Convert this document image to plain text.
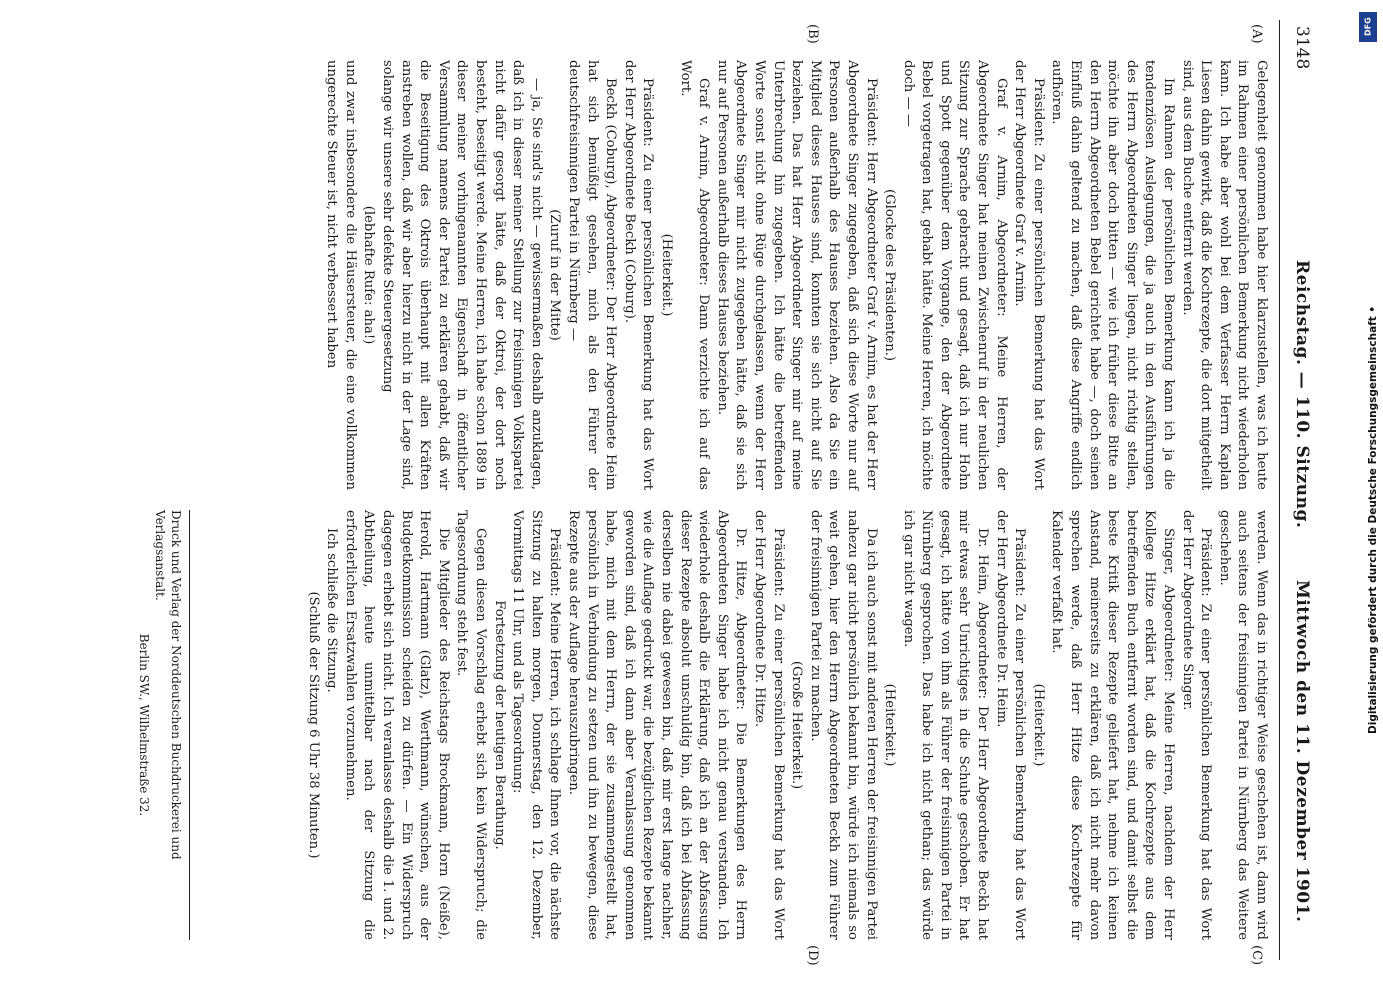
DFG
Digitalisierung gefördert durch die Deutsche Forschungsgemeinschaft •
3148
Reichstag. — 110. Sitzung.
Mittwoch den 11. Dezember 1901.
(A)
(B)
(C)
(D)

Gelegenheit genommen habe hier klarzustellen, was ich heute im Rahmen einer persönlichen Bemerkung nicht wiederholen kann. Ich habe aber wohl bei dem Verfasser Herrn Kaplan Liesen dahin gewirkt, daß die Kochrezepte, die dort mitgetheilt sind, aus dem Buche entfernt werden.

Im Rahmen der persönlichen Bemerkung kann ich ja die tendenziösen Auslegungen, die ja auch in den Ausführungen des Herrn Abgeordneten Singer liegen, nicht richtig stellen, möchte ihn aber doch bitten — wie ich früher diese Bitte an den Herrn Abgeordneten Bebel gerichtet habe —, doch seinen Einfluß dahin geltend zu machen, daß diese Angriffe endlich aufhören.

Präsident: Zu einer persönlichen Bemerkung hat das Wort der Herr Abgeordnete Graf v. Arnim.

Graf v. Arnim, Abgeordneter: Meine Herren, der Abgeordnete Singer hat meinen Zwischenruf in der neulichen Sitzung zur Sprache gebracht und gesagt, daß ich nur Hohn und Spott gegenüber dem Vorgange, den der Abgeordnete Bebel vorgetragen hat, gehabt hätte. Meine Herren, ich möchte doch — —

(Glocke des Präsidenten.)

Präsident: Herr Abgeordneter Graf v. Arnim, es hat der Herr Abgeordnete Singer zugegeben, daß sich diese Worte nur auf Personen außerhalb des Hauses beziehen. Also da Sie ein Mitglied dieses Hauses sind, konnten sie sich nicht auf Sie beziehen. Das hat Herr Abgeordneter Singer mir auf meine Unterbrechung hin zugegeben. Ich hätte die betreffenden Worte sonst nicht ohne Rüge durchgelassen, wenn der Herr Abgeordnete Singer mir nicht zugegeben hätte, daß sie sich nur auf Personen außerhalb dieses Hauses beziehen.

Graf v. Arnim, Abgeordneter: Dann verzichte ich auf das Wort.

(Heiterkeit.)

Präsident: Zu einer persönlichen Bemerkung hat das Wort der Herr Abgeordnete Beckh (Coburg).

Beckh (Coburg), Abgeordneter: Der Herr Abgeordnete Heim hat sich bemüßigt gesehen, mich als den Führer der deutschfreisinnigen Partei in Nürnberg —

(Zuruf in der Mitte)

— ja, Sie sind's nicht — gewissermaßen deshalb anzuklagen, daß ich in dieser meiner Stellung zur freisinnigen Volkspartei nicht dafür gesorgt hätte, daß der Oktroi, der dort noch besteht, beseitigt werde. Meine Herren, ich habe schon 1889 in dieser meiner vorhingenannten Eigenschaft in öffentlicher Versammlung namens der Partei zu erklären gehabt, daß wir die Beseitigung des Oktrois überhaupt mit allen Kräften anstreben wollen, daß wir aber hierzu nicht in der Lage sind, solange wir unsere sehr defekte Steuergesetzung

(lebhafte Rufe: aha!)

und zwar insbesondere die Häusersteuer, die eine vollkommen ungerechte Steuer ist, nicht verbessert haben

werden. Wenn das in richtiger Weise geschehen ist, dann wird auch seitens der freisinnigen Partei in Nürnberg das Weitere geschehen.

Präsident: Zu einer persönlichen Bemerkung hat das Wort der Herr Abgeordnete Singer.

Singer, Abgeordneter: Meine Herren, nachdem der Herr Kollege Hitze erklärt hat, daß die Kochrezepte aus dem betreffenden Buch entfernt worden sind, und damit selbst die beste Kritik dieser Rezepte geliefert hat, nehme ich keinen Anstand, meinerseits zu erklären, daß ich nicht mehr davon sprechen werde, daß Herr Hitze diese Kochrezepte für Kalender verfaßt hat.

(Heiterkeit.)

Präsident: Zu einer persönlichen Bemerkung hat das Wort der Herr Abgeordnete Dr. Heim.

Dr. Heim, Abgeordneter: Der Herr Abgeordnete Beckh hat mir etwas sehr Unrichtiges in die Schuhe geschoben. Er hat gesagt, ich hätte von ihm als Führer der freisinnigen Partei in Nürnberg gesprochen. Das habe ich nicht gethan; das würde ich gar nicht wagen.

(Heiterkeit.)

Da ich auch sonst mit anderen Herren der freisinnigen Partei nahezu gar nicht persönlich bekannt bin, würde ich niemals so weit gehen, hier den Herrn Abgeordneten Beckh zum Führer der freisinnigen Partei zu machen.

(Große Heiterkeit.)

Präsident: Zu einer persönlichen Bemerkung hat das Wort der Herr Abgeordnete Dr. Hitze.

Dr. Hitze, Abgeordneter: Die Bemerkungen des Herrn Abgeordneten Singer habe ich nicht genau verstanden. Ich wiederhole deshalb die Erklärung, daß ich an der Abfassung dieser Rezepte absolut unschuldig bin, daß ich bei Abfassung derselben nie dabei gewesen bin, daß mir erst lange nachher, wie die Auflage gedruckt war, die bezüglichen Rezepte bekannt geworden sind, daß ich dann aber Veranlassung genommen habe, mich mit dem Herrn, der sie zusammengestellt hat, persönlich in Verbindung zu setzen und ihn zu bewegen, diese Rezepte aus der Auflage herauszubringen.

Präsident: Meine Herren, ich schlage Ihnen vor, die nächste Sitzung zu halten morgen, Donnerstag, den 12. Dezember, Vormittags 11 Uhr, und als Tagesordnung:

Fortsetzung der heutigen Berathung.

Gegen diesen Vorschlag erhebt sich kein Widerspruch; die Tagesordnung steht fest.

Die Mitglieder des Reichstags Brockmann, Horn (Neiße), Herold, Hartmann (Glatz), Werthmann, wünschen, aus der Budgetkommission scheiden zu dürfen. — Ein Widerspruch dagegen erhebt sich nicht. Ich veranlasse deshalb die 1. und 2. Abtheilung, heute unmittelbar nach der Sitzung die erforderlichen Ersatzwahlen vorzunehmen.

Ich schließe die Sitzung.

(Schluß der Sitzung 6 Uhr 38 Minuten.)

Druck und Verlag der Norddeutschen Buchdruckerei und Verlagsanstalt.
Berlin SW., Wilhelmstraße 32.
